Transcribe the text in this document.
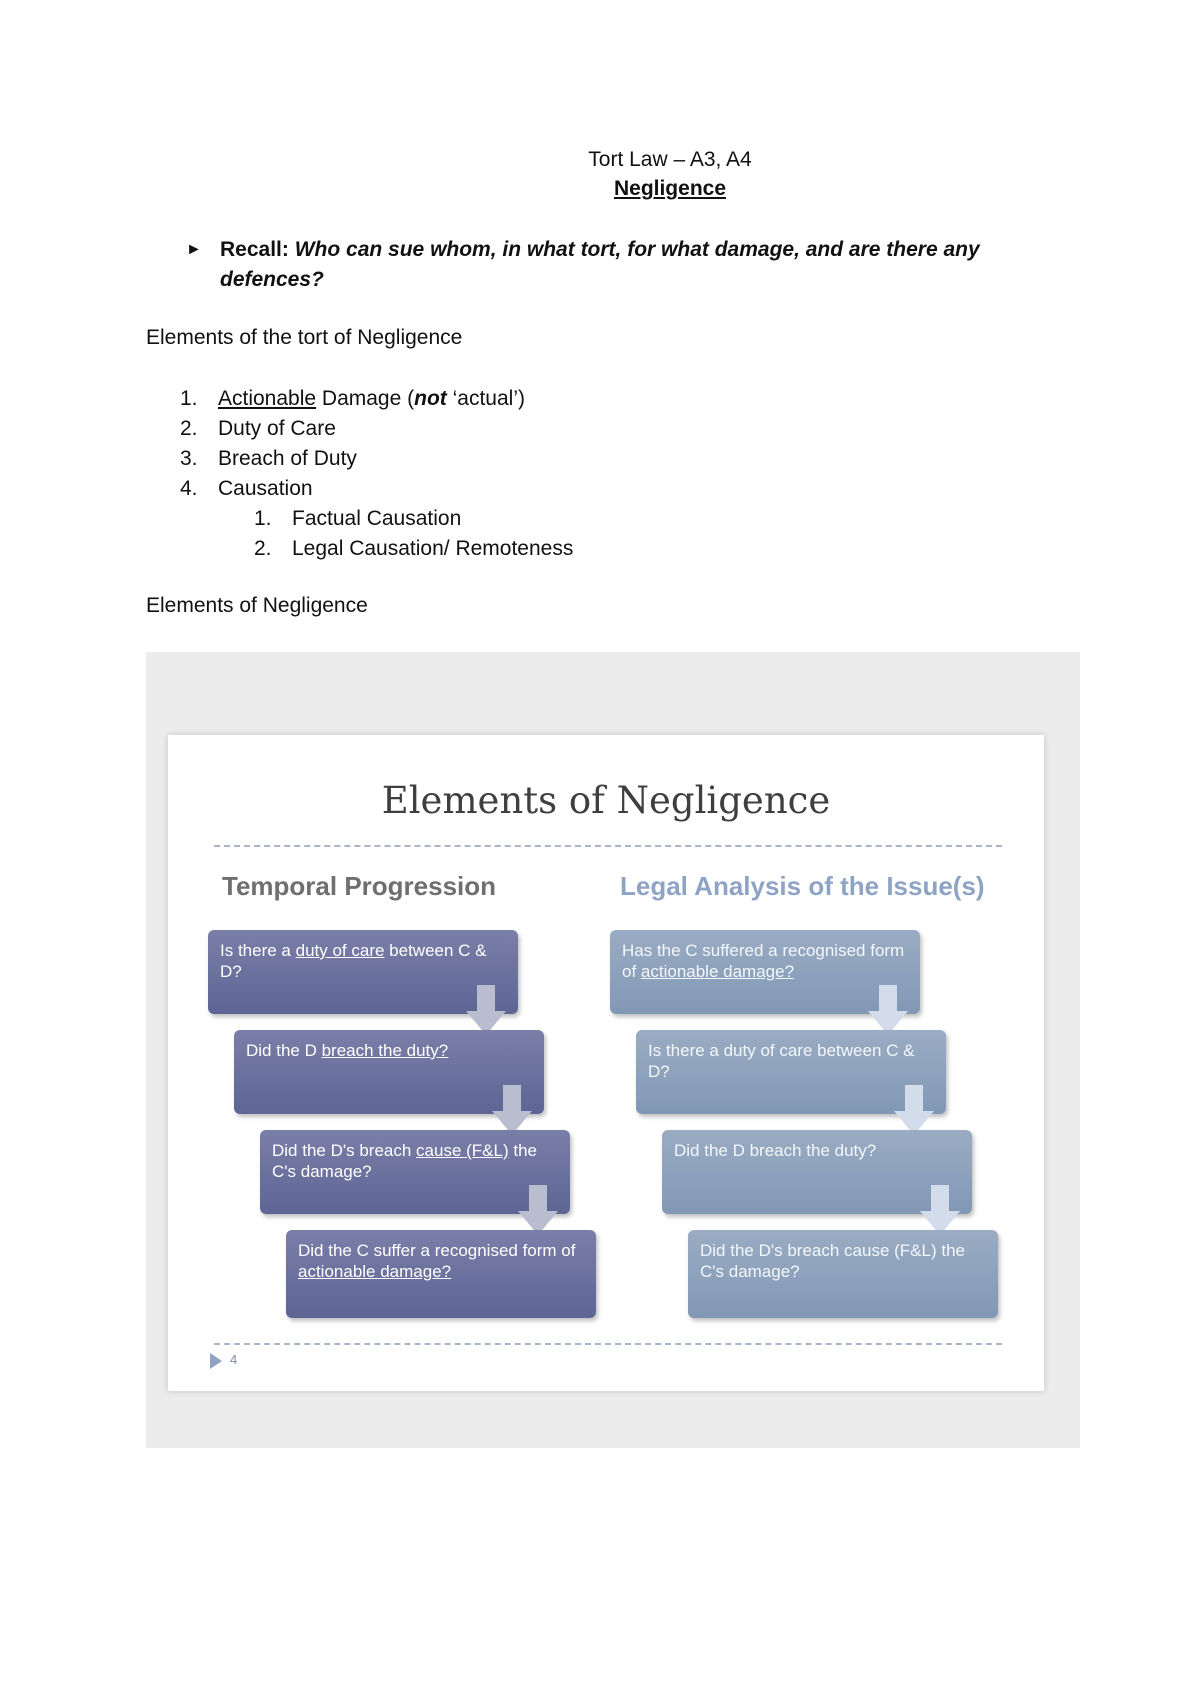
Tort Law – A3, A4
Negligence
► Recall: Who can sue whom, in what tort, for what damage, and are there any defences?
Elements of the tort of Negligence
1. Actionable Damage (not ‘actual’)
2. Duty of Care
3. Breach of Duty
4. Causation
1. Factual Causation
2. Legal Causation/ Remoteness
Elements of Negligence
Elements of Negligence
Temporal Progression	Legal Analysis of the Issue(s)
Is there a duty of care between C & D?
Did the D breach the duty?
Did the D's breach cause (F&L) the C's damage?
Did the C suffer a recognised form of actionable damage?
Has the C suffered a recognised form of actionable damage?
Is there a duty of care between C & D?
Did the D breach the duty?
Did the D's breach cause (F&L) the C's damage?
4
